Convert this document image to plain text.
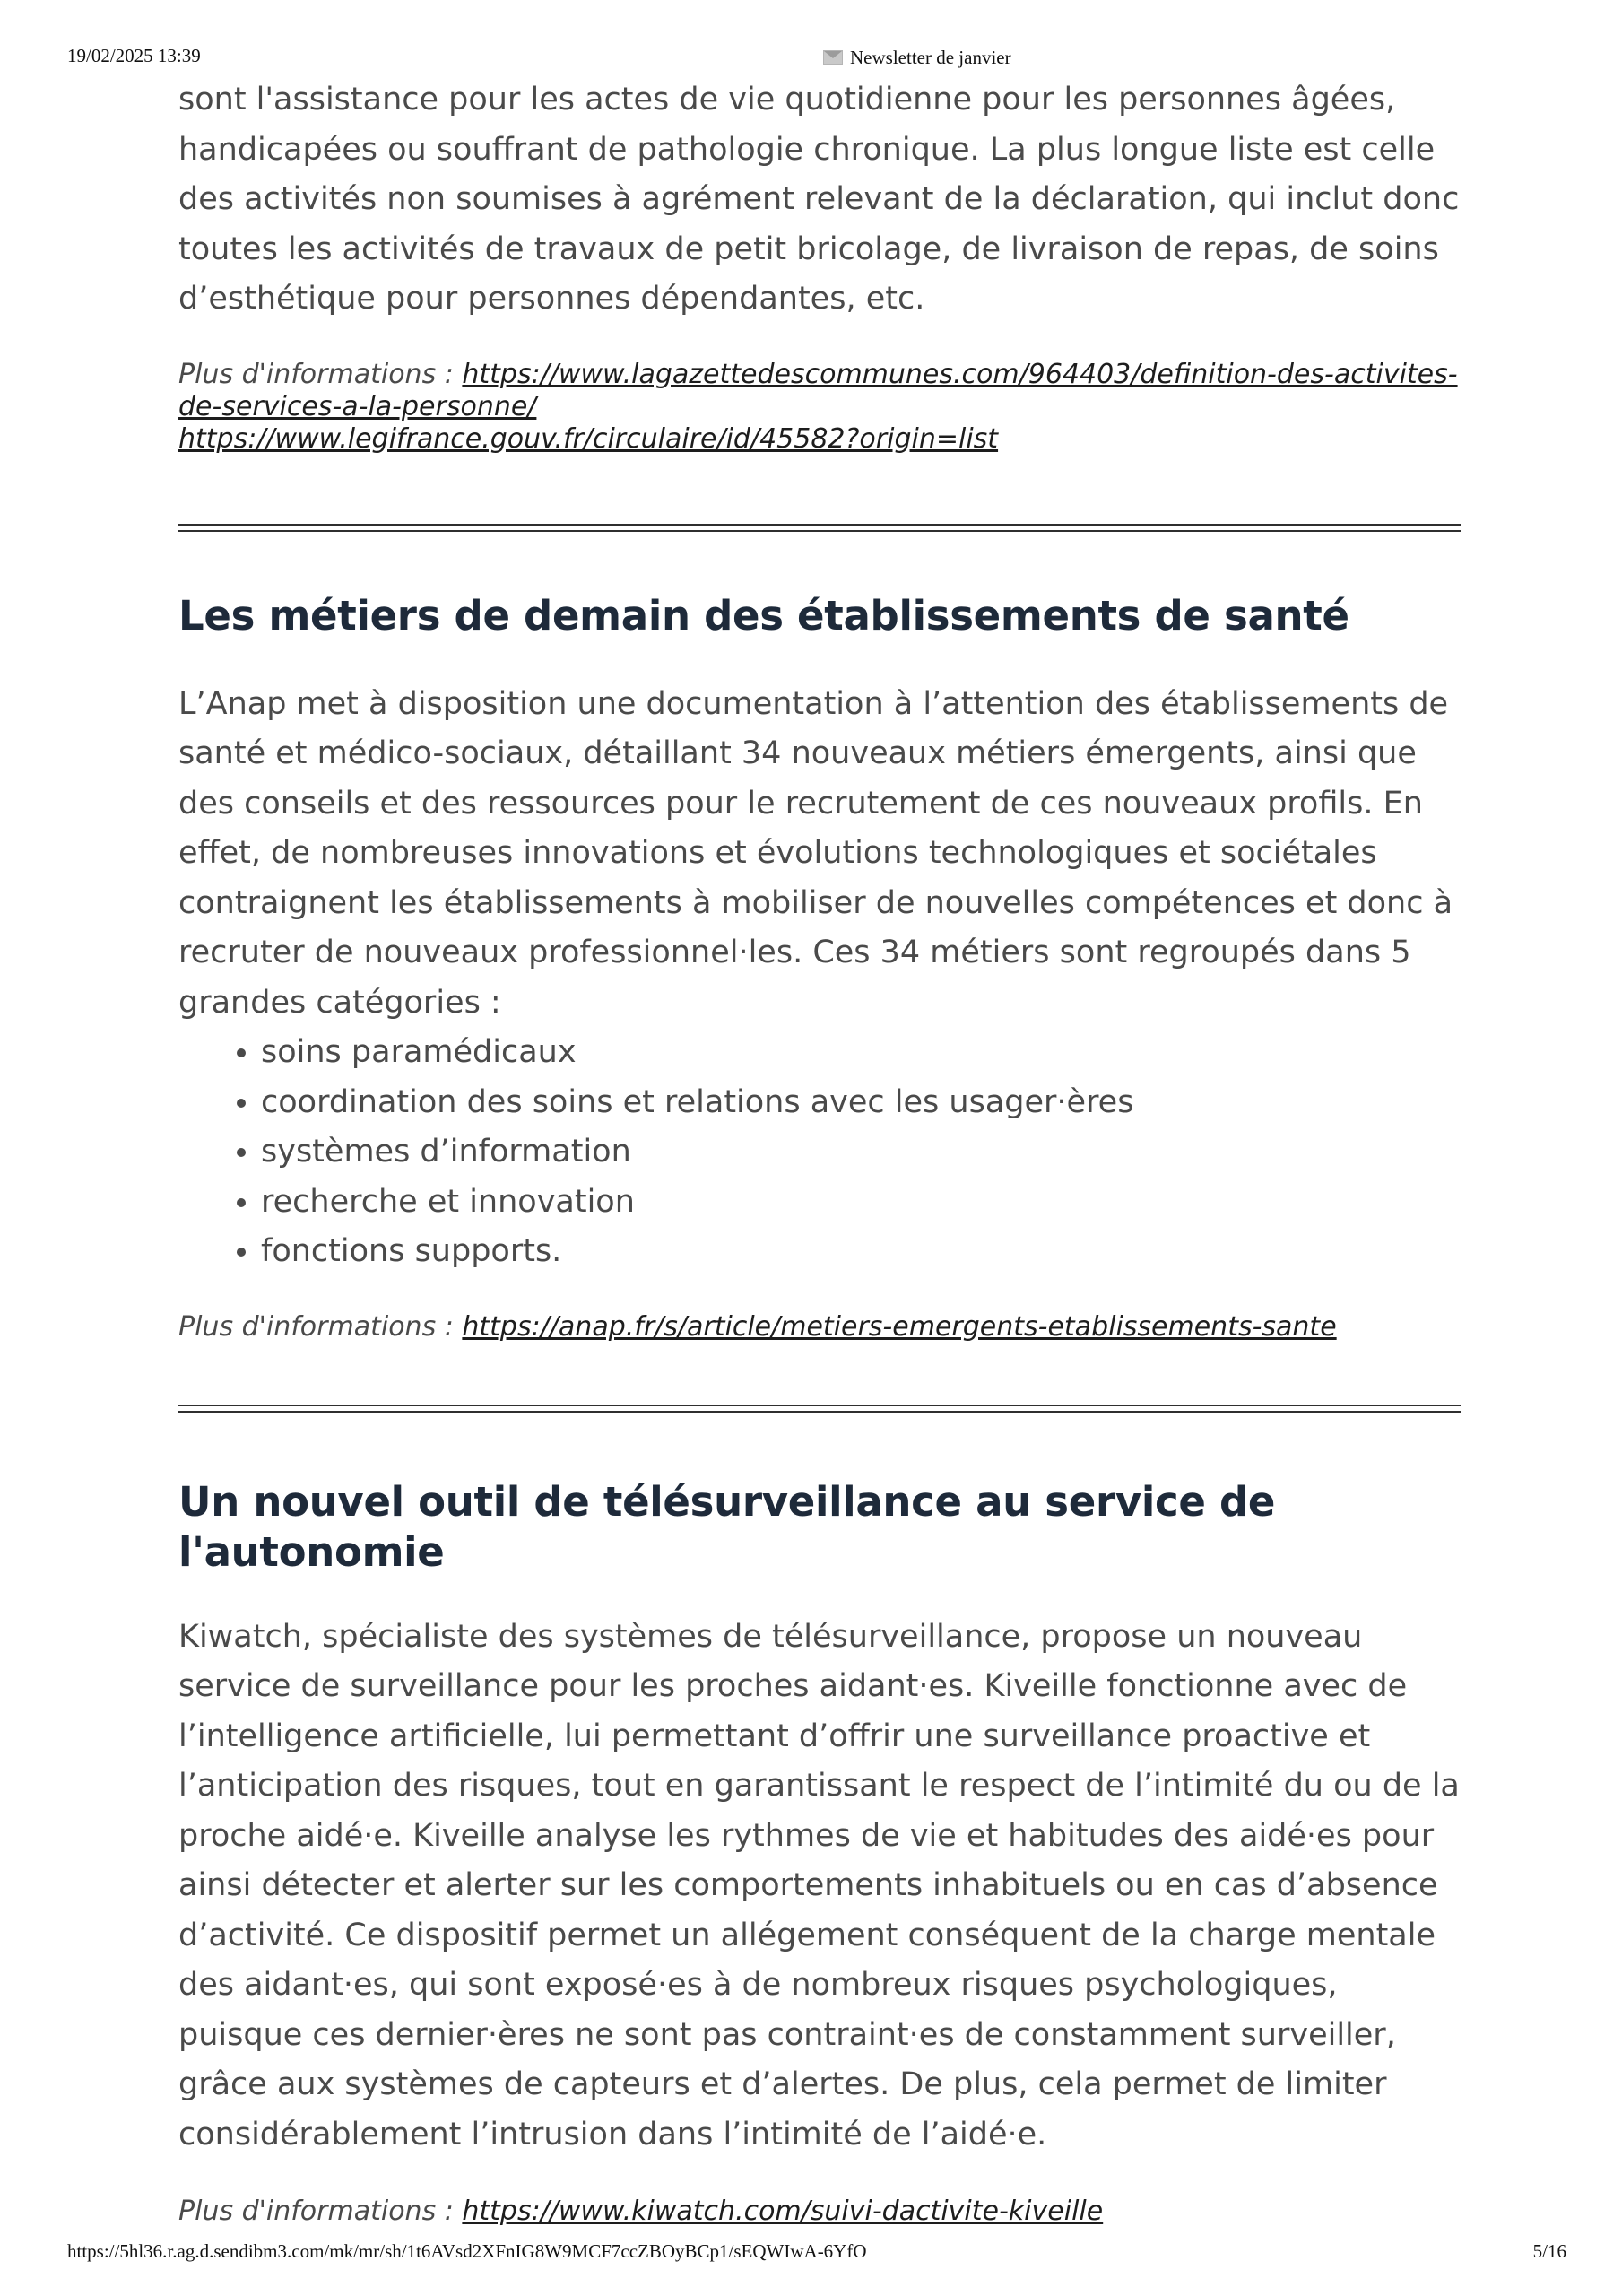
19/02/2025 13:39	Newsletter de janvier

sont l'assistance pour les actes de vie quotidienne pour les personnes âgées, handicapées ou souffrant de pathologie chronique. La plus longue liste est celle des activités non soumises à agrément relevant de la déclaration, qui inclut donc toutes les activités de travaux de petit bricolage, de livraison de repas, de soins d’esthétique pour personnes dépendantes, etc.

Plus d'informations : https://www.lagazettedescommunes.com/964403/definition-des-activites-de-services-a-la-personne/
https://www.legifrance.gouv.fr/circulaire/id/45582?origin=list
Les métiers de demain des établissements de santé

L’Anap met à disposition une documentation à l’attention des établissements de santé et médico-sociaux, détaillant 34 nouveaux métiers émergents, ainsi que des conseils et des ressources pour le recrutement de ces nouveaux profils. En effet, de nombreuses innovations et évolutions technologiques et sociétales contraignent les établissements à mobiliser de nouvelles compétences et donc à recruter de nouveaux professionnel·les. Ces 34 métiers sont regroupés dans 5 grandes catégories :

• soins paramédicaux
• coordination des soins et relations avec les usager·ères
• systèmes d’information
• recherche et innovation
• fonctions supports.
Plus d'informations : https://anap.fr/s/article/metiers-emergents-etablissements-sante
Un nouvel outil de télésurveillance au service de l'autonomie

Kiwatch, spécialiste des systèmes de télésurveillance, propose un nouveau service de surveillance pour les proches aidant·es. Kiveille fonctionne avec de l’intelligence artificielle, lui permettant d’offrir une surveillance proactive et l’anticipation des risques, tout en garantissant le respect de l’intimité du ou de la proche aidé·e. Kiveille analyse les rythmes de vie et habitudes des aidé·es pour ainsi détecter et alerter sur les comportements inhabituels ou en cas d’absence d’activité. Ce dispositif permet un allégement conséquent de la charge mentale des aidant·es, qui sont exposé·es à de nombreux risques psychologiques, puisque ces dernier·ères ne sont pas contraint·es de constamment surveiller, grâce aux systèmes de capteurs et d’alertes. De plus, cela permet de limiter considérablement l’intrusion dans l’intimité de l’aidé·e.

Plus d'informations : https://www.kiwatch.com/suivi-dactivite-kiveille
https://5hl36.r.ag.d.sendibm3.com/mk/mr/sh/1t6AVsd2XFnIG8W9MCF7ccZBOyBCp1/sEQWIwA-6YfO	5/16
